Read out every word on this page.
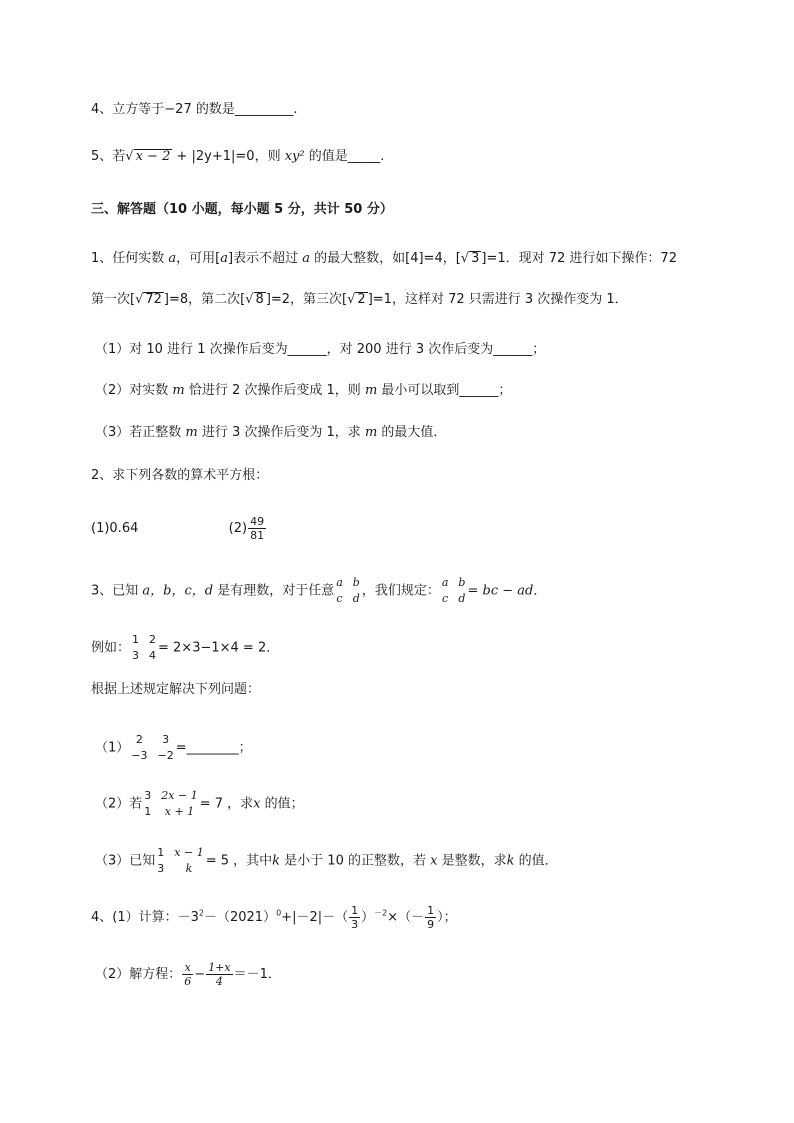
4、立方等于−27 的数是_________.
5、若√ x − 2 + |2y+1|=0，则 xy² 的值是_____.
三、解答题（10 小题，每小题 5 分，共计 50 分）
1、任何实数 a，可用[a]表示不超过 a 的最大整数，如[4]=4，[√ 3 ]=1．现对 72 进行如下操作：72
第一次[√ 72 ]=8，第二次[√ 8 ]=2，第三次[√ 2 ]=1，这样对 72 只需进行 3 次操作变为 1．
（1）对 10 进行 1 次操作后变为______，对 200 进行 3 次作后变为______；
（2）对实数 m 恰进行 2 次操作后变成 1，则 m 最小可以取到______；
（3）若正整数 m 进行 3 次操作后变为 1，求 m 的最大值．
2、求下列各数的算术平方根：
(1)0.64	$(2) \frac{49}{81}$
3、已知 a，b，c，d 是有理数，对于任意
a b
c d ，我们规定：
a b
c d = bc − ad．
例如：
1 2
3 4 = 2×3−1×4 = 2．
根据上述规定解决下列问题：
（1）
2	3
−3 −2 =________；
（2）若
3 2x − 1
1	x + 1 = 7 ，求x 的值；
（3）已知
1 x − 1
3	k	= 5 ，其中k 是小于 10 的正整数，若 x 是整数，求k 的值．
4、(1）计算：$-3^2-(2021)^0+|-2|-( \frac{1}{3} )^{-2}\times(- \frac{1}{9}$ ）；
（2）解方程： $\frac{x}{6} - \frac{1+x}{4} =-1$．
